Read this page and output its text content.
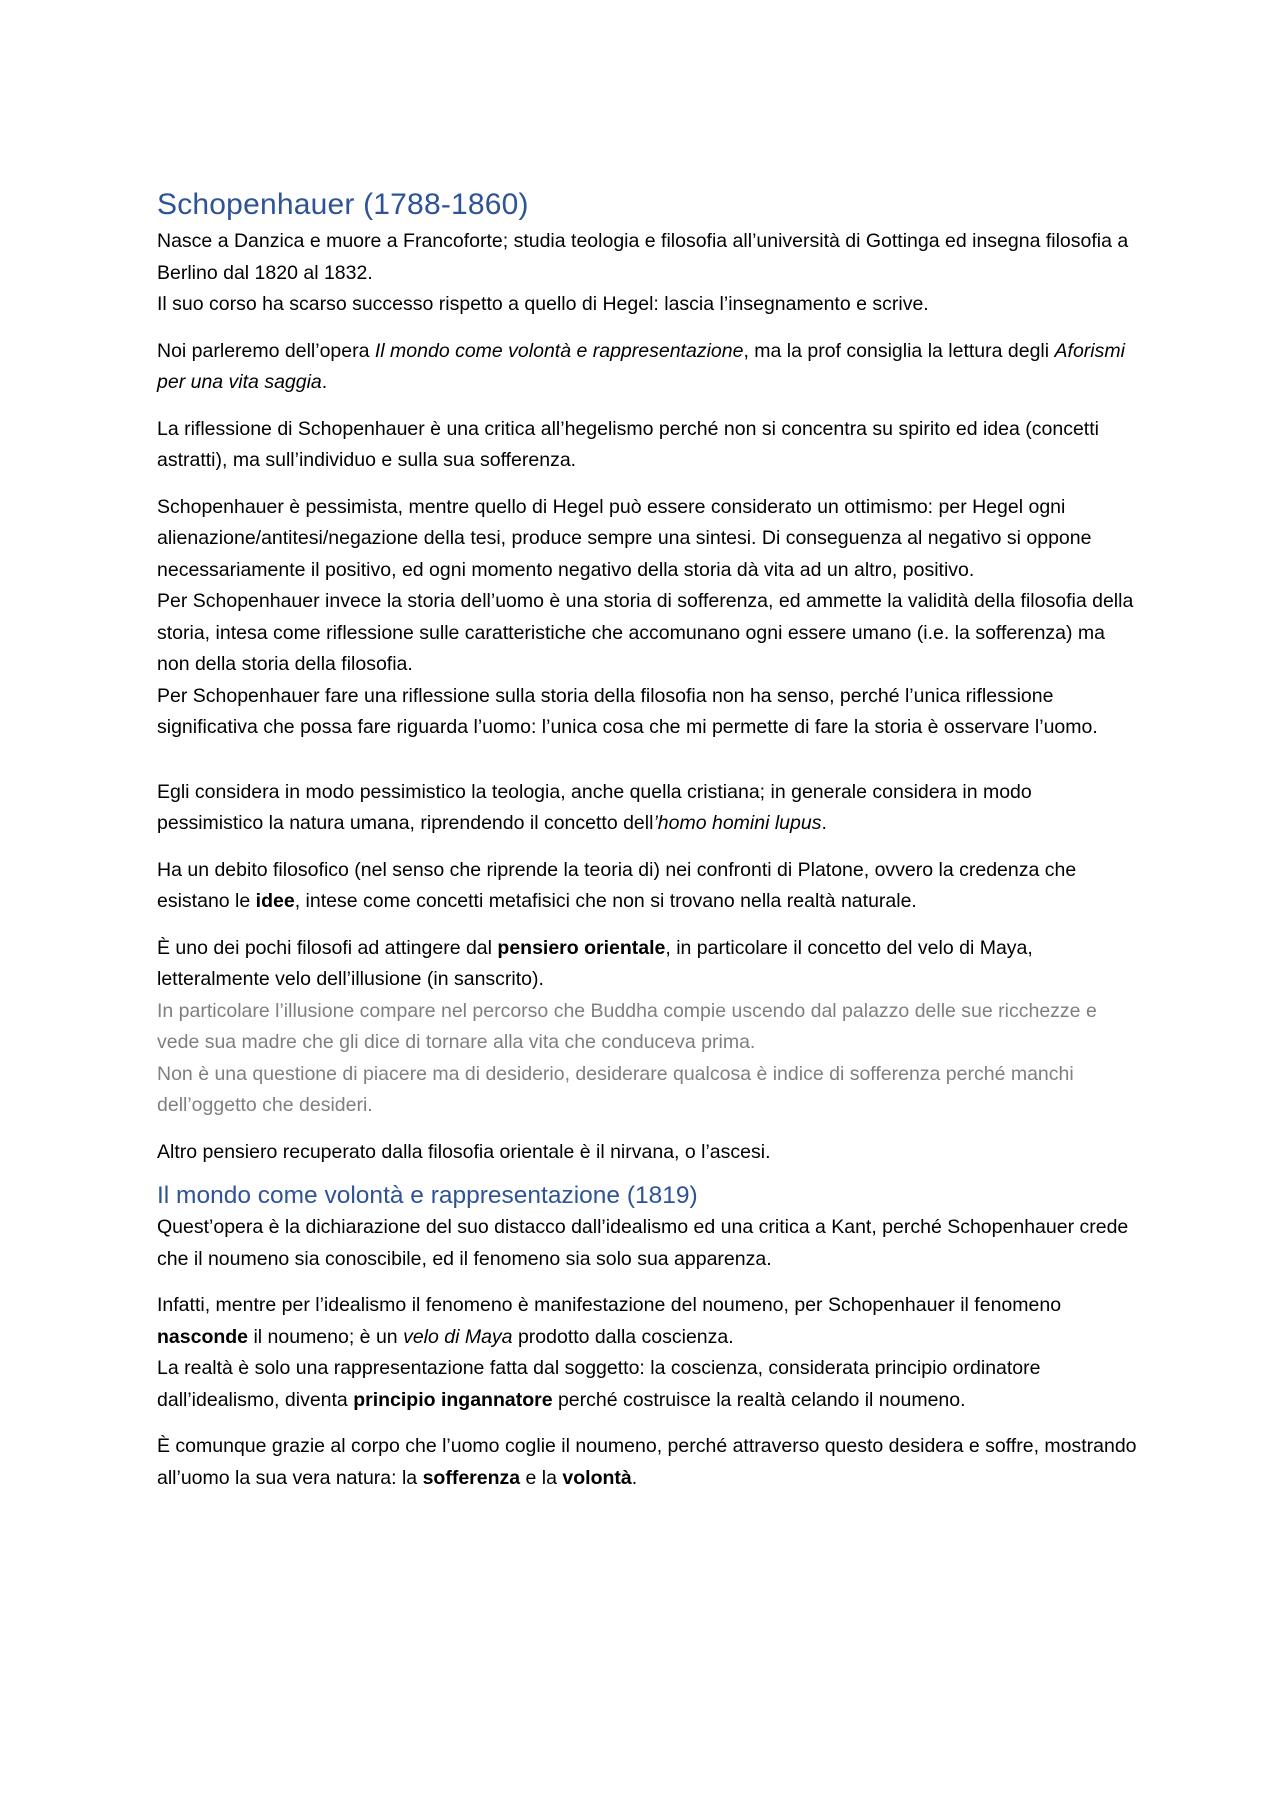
Schopenhauer (1788-1860)

Nasce a Danzica e muore a Francoforte; studia teologia e filosofia all’università di Gottinga ed insegna filosofia a Berlino dal 1820 al 1832.
Il suo corso ha scarso successo rispetto a quello di Hegel: lascia l’insegnamento e scrive.

Noi parleremo dell’opera Il mondo come volontà e rappresentazione, ma la prof consiglia la lettura degli Aforismi per una vita saggia.

La riflessione di Schopenhauer è una critica all’hegelismo perché non si concentra su spirito ed idea (concetti astratti), ma sull’individuo e sulla sua sofferenza.

Schopenhauer è pessimista, mentre quello di Hegel può essere considerato un ottimismo: per Hegel ogni alienazione/antitesi/negazione della tesi, produce sempre una sintesi. Di conseguenza al negativo si oppone necessariamente il positivo, ed ogni momento negativo della storia dà vita ad un altro, positivo.
Per Schopenhauer invece la storia dell’uomo è una storia di sofferenza, ed ammette la validità della filosofia della storia, intesa come riflessione sulle caratteristiche che accomunano ogni essere umano (i.e. la sofferenza) ma non della storia della filosofia.
Per Schopenhauer fare una riflessione sulla storia della filosofia non ha senso, perché l’unica riflessione significativa che possa fare riguarda l’uomo: l’unica cosa che mi permette di fare la storia è osservare l’uomo.

Egli considera in modo pessimistico la teologia, anche quella cristiana; in generale considera in modo pessimistico la natura umana, riprendendo il concetto dell’homo homini lupus.

Ha un debito filosofico (nel senso che riprende la teoria di) nei confronti di Platone, ovvero la credenza che esistano le idee, intese come concetti metafisici che non si trovano nella realtà naturale.

È uno dei pochi filosofi ad attingere dal pensiero orientale, in particolare il concetto del velo di Maya, letteralmente velo dell’illusione (in sanscrito).
In particolare l’illusione compare nel percorso che Buddha compie uscendo dal palazzo delle sue ricchezze e vede sua madre che gli dice di tornare alla vita che conduceva prima.
Non è una questione di piacere ma di desiderio, desiderare qualcosa è indice di sofferenza perché manchi dell’oggetto che desideri.

Altro pensiero recuperato dalla filosofia orientale è il nirvana, o l’ascesi.

Il mondo come volontà e rappresentazione (1819)

Quest’opera è la dichiarazione del suo distacco dall’idealismo ed una critica a Kant, perché Schopenhauer crede che il noumeno sia conoscibile, ed il fenomeno sia solo sua apparenza.

Infatti, mentre per l’idealismo il fenomeno è manifestazione del noumeno, per Schopenhauer il fenomeno nasconde il noumeno; è un velo di Maya prodotto dalla coscienza.
La realtà è solo una rappresentazione fatta dal soggetto: la coscienza, considerata principio ordinatore dall’idealismo, diventa principio ingannatore perché costruisce la realtà celando il noumeno.

È comunque grazie al corpo che l’uomo coglie il noumeno, perché attraverso questo desidera e soffre, mostrando all’uomo la sua vera natura: la sofferenza e la volontà.
